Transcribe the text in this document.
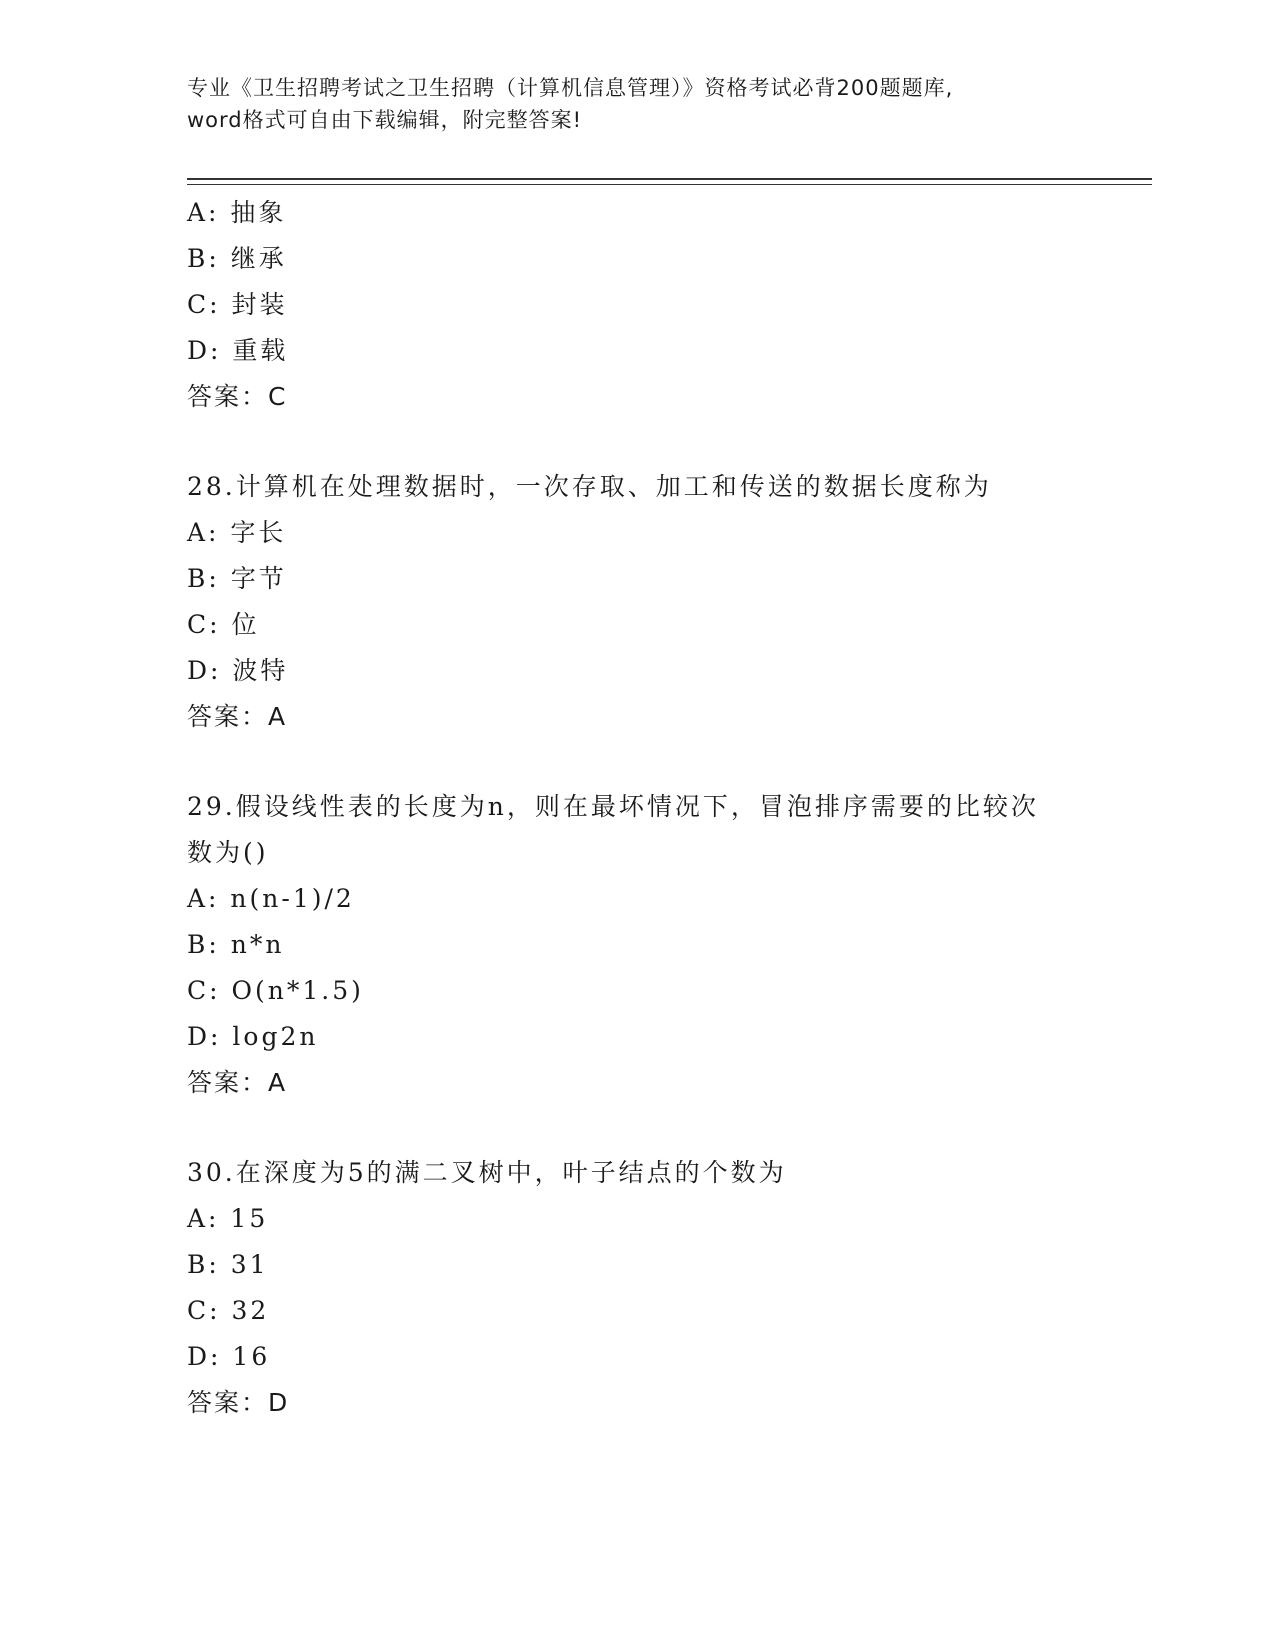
专业《卫生招聘考试之卫生招聘（计算机信息管理）》资格考试必背200题题库,
word格式可自由下载编辑，附完整答案!
A: 抽象
B: 继承
C: 封装
D: 重载
答案：C
28.计算机在处理数据时，一次存取、加工和传送的数据长度称为
A: 字长
B: 字节
C: 位
D: 波特
答案：A
29.假设线性表的长度为n，则在最坏情况下，冒泡排序需要的比较次
数为()
A: n(n-1)/2
B: n*n
C: O(n*1.5)
D: log2n
答案：A
30.在深度为5的满二叉树中，叶子结点的个数为
A: 15
B: 31
C: 32
D: 16
答案：D
